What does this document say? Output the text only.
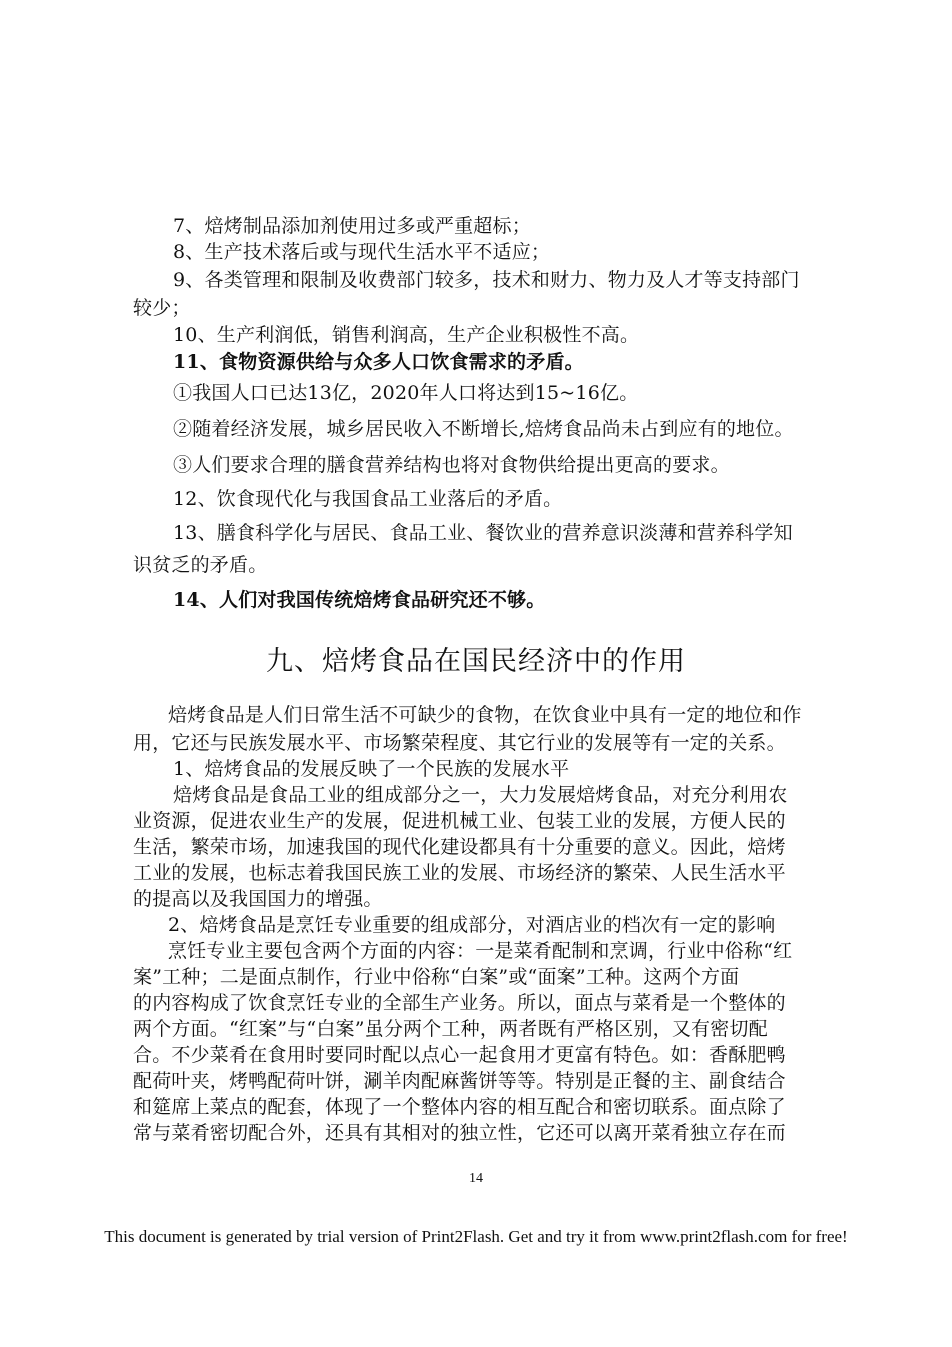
7、焙烤制品添加剂使用过多或严重超标；
8、生产技术落后或与现代生活水平不适应；
9、各类管理和限制及收费部门较多，技术和财力、物力及人才等支持部门
较少；
10、生产利润低，销售利润高，生产企业积极性不高。
11、食物资源供给与众多人口饮食需求的矛盾。
①我国人口已达13亿，2020年人口将达到15~16亿。
②随着经济发展，城乡居民收入不断增长,焙烤食品尚未占到应有的地位。
③人们要求合理的膳食营养结构也将对食物供给提出更高的要求。
12、饮食现代化与我国食品工业落后的矛盾。
13、膳食科学化与居民、食品工业、餐饮业的营养意识淡薄和营养科学知
识贫乏的矛盾。
14、人们对我国传统焙烤食品研究还不够。
九、焙烤食品在国民经济中的作用
焙烤食品是人们日常生活不可缺少的食物，在饮食业中具有一定的地位和作
用，它还与民族发展水平、市场繁荣程度、其它行业的发展等有一定的关系。
1、焙烤食品的发展反映了一个民族的发展水平
焙烤食品是食品工业的组成部分之一，大力发展焙烤食品，对充分利用农
业资源，促进农业生产的发展，促进机械工业、包装工业的发展，方便人民的
生活，繁荣市场，加速我国的现代化建设都具有十分重要的意义。因此，焙烤
工业的发展，也标志着我国民族工业的发展、市场经济的繁荣、人民生活水平
的提高以及我国国力的增强。
2、焙烤食品是烹饪专业重要的组成部分，对酒店业的档次有一定的影响
烹饪专业主要包含两个方面的内容：一是菜肴配制和烹调，行业中俗称“红
案”工种；二是面点制作，行业中俗称“白案”或“面案”工种。这两个方面
的内容构成了饮食烹饪专业的全部生产业务。所以，面点与菜肴是一个整体的
两个方面。“红案”与“白案”虽分两个工种，两者既有严格区别，又有密切配
合。不少菜肴在食用时要同时配以点心一起食用才更富有特色。如：香酥肥鸭
配荷叶夹，烤鸭配荷叶饼，涮羊肉配麻酱饼等等。特别是正餐的主、副食结合
和筵席上菜点的配套，体现了一个整体内容的相互配合和密切联系。面点除了
常与菜肴密切配合外，还具有其相对的独立性，它还可以离开菜肴独立存在而
14
This document is generated by trial version of Print2Flash. Get and try it from www.print2flash.com for free!
